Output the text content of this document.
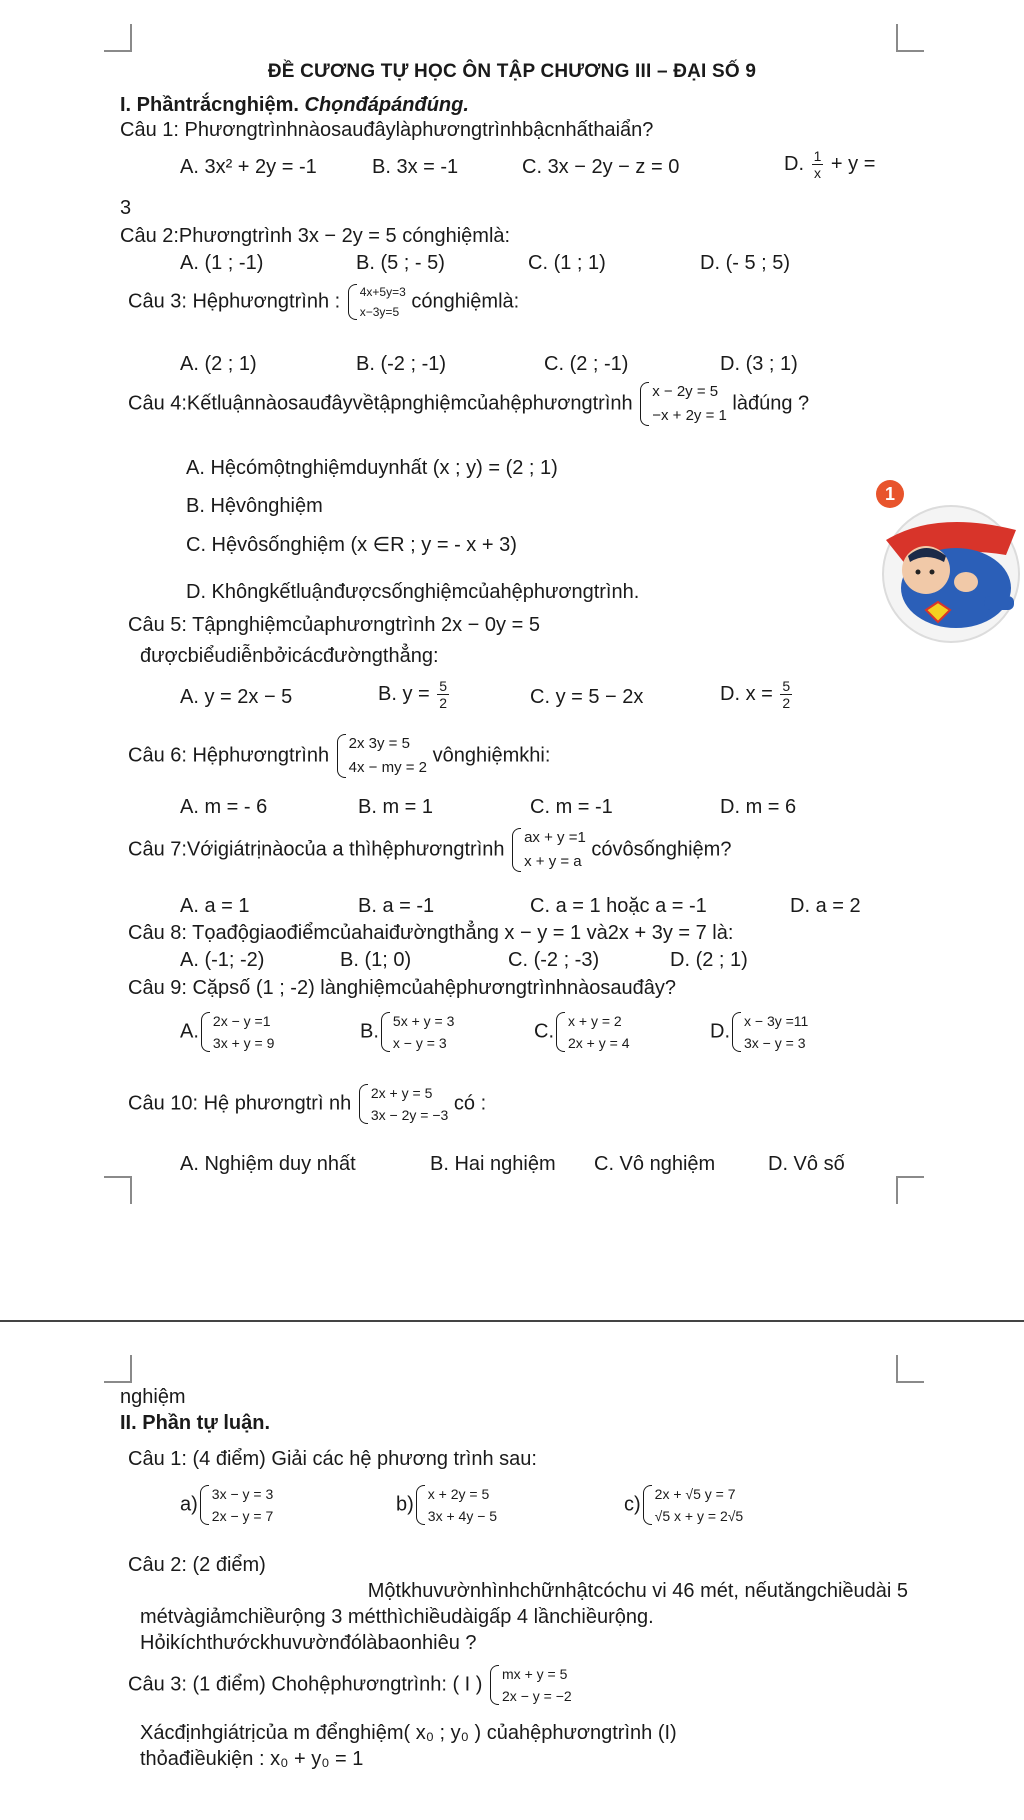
ĐỀ CƯƠNG TỰ HỌC ÔN TẬP CHƯƠNG III – ĐẠI SỐ 9
I. Phầntrắcnghiệm. Chọnđápánđúng.
Câu 1: Phươngtrìnhnàosauđâylàphươngtrìnhbậcnhấthaiẩn?
A. 3x² + 2y = -1	B. 3x = -1	C. 3x − 2y − z = 0	D. $\frac{1}{x} + y$ =
3
Câu 2:Phươngtrình 3x − 2y = 5 cónghiệmlà:
A. (1 ; -1)	B. (5 ; - 5)	C. (1 ; 1)	D. (- 5 ; 5)
Câu 3: Hệphươngtrình : 4x+5y=3
x−3y=5 cónghiệmlà:
A. (2 ; 1)	B. (-2 ; -1)	C. (2 ; -1)	D. (3 ; 1)
Câu 4:Kếtluậnnàosauđâyvềtậpnghiệmcủahệphươngtrình
x − 2y = 5
−x + 2y = 1
làđúng ?
A. Hệcómộtnghiệmduynhất (x ; y) = (2 ; 1)
B. Hệvônghiệm
C. Hệvôsốnghiệm (x ∈R ; y = - x + 3)
D. Khôngkếtluậnđượcsốnghiệmcủahệphươngtrình.
1
Câu 5: Tậpnghiệmcủaphươngtrình 2x − 0y = 5
đượcbiểudiễnbởicácđườngthẳng:
A. y = 2x − 5	B. $y = \frac{5}{2}$	C. y = 5 − 2x	D. $x = \frac{5}{2}$
Câu 6: Hệphươngtrình
2x 3y = 5
4x − my = 2
vônghiệmkhi:
A. m = - 6	B. m = 1	C. m = -1	D. m = 6
Câu 7:Vớigiátrịnàocủa a thìhệphươngtrình
ax + y =1
x + y = a
cóvôsốnghiệm?
A. a = 1	B. a = -1	C. a = 1 hoặc a = -1	D. a = 2
Câu 8: Tọađộgiaođiểmcủahaiđườngthẳng x − y = 1 và2x + 3y = 7 là:
A. (-1; -2)	B. (1; 0)	C. (-2 ; -3)	D. (2 ; 1)
Câu 9: Cặpsố (1 ; -2) lànghiệmcủahệphươngtrìnhnàosauđây?
A. 2x − y =1
3x + y = 9
B. 5x + y = 3
x − y = 3
C. x + y = 2
2x + y = 4
D. x − 3y =11
3x − y = 3
Câu 10: Hệ phươngtrì nh 2x + y = 5
3x − 2y = −3
có :
A. Nghiệm duy nhất	B. Hai nghiệm C. Vô nghiệm	D. Vô số
nghiệm
II. Phần tự luận.
Câu 1: (4 điểm) Giải các hệ phương trình sau:
a) 3x − y = 3
2x − y = 7
b) x + 2y = 5
3x + 4y − 5
c) 2x + √5 y = 7
√5 x + y = 2√5
Câu 2: (2 điểm)
Mộtkhuvườnhìnhchữnhậtcóchu vi 46 mét, nếutăngchiềudài 5
métvàgiảmchiềurộng 3 métthìchiềudàigấp 4 lầnchiềurộng.
Hỏikíchthướckhuvườnđólàbaonhiêu ?
Câu 3: (1 điểm) Chohệphươngtrình: ( I ) mx + y = 5
2x − y = −2
Xácđịnhgiátrịcủa m đểnghiệm( x₀ ; y₀ ) củahệphươngtrình (I)
thỏađiềukiện : x₀ + y₀ = 1
